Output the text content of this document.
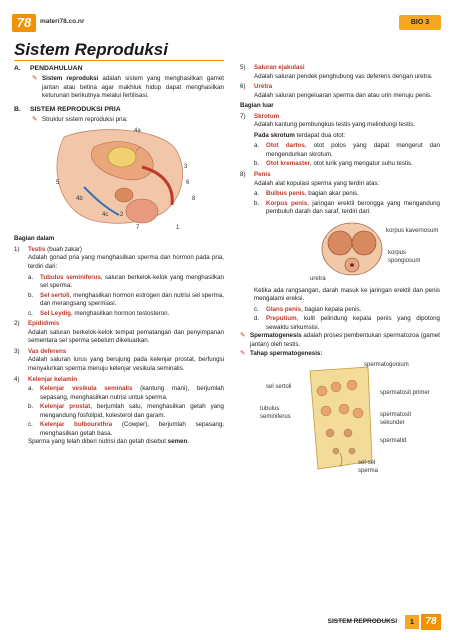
78	materi78.co.nr	BIO 3
Sistem Reproduksi
A.	PENDAHULUAN
✎ Sistem reproduksi adalah sistem yang menghasilkan gamet jantan atau betina agar makhluk hidup dapat menghasilkan keturunan berikutnya melalui fertilisasi.
B.	SISTEM REPRODUKSI PRIA
✎ Struktur sistem reproduksi pria:
4a
3
5	6
4b	8
4c 2
7	1
Bagian dalam
1)	Testis (buah zakar)
Adalah gonad pria yang menghasilkan sperma dan hormon pada pria, terdiri dari:
a.	Tubulus seminiferus, saluran berkelok-kelok yang menghasilkan sel sperma.
b.	Sel sertoli, menghasilkan hormon estrogen dan nutrisi sel sperma, dan merangsang spermiasi.
c.	Sel Leydig, menghasilkan hormon testosteron.
2)	Epididimis
Adalah saluran berkelok-kelok tempat pematangan dan penyimpanan sementara sel sperma sebelum dikeluarkan.
3)	Vas deferens
Adalah saluran lurus yang berujung pada kelenjar prostat, berfungsi menyalurkan sperma menuju kelenjar vesikula seminalis.
4)	Kelenjar kelamin
a.	Kelenjar vesikula seminalis (kantung mani), berjumlah sepasang, menghasilkan nutrisi untuk sperma.
b.	Kelenjar prostat, berjumlah satu, menghasilkan getah yang mengandung fosfolipid, kolesterol dan garam.
c.	Kelenjar bulbourethra (Cowper), berjumlah sepasang, menghasilkan getah basa.
Sperma yang telah diberi nutrisi dan getah disebut semen.
5)	Saluran ejakulasi
Adalah saluran pendek penghubung vas deferens dengan uretra.
6)	Uretra
Adalah saluran pengeluaran sperma dan atau urin menuju penis.
Bagian luar
7)	Skrotum
Adalah kantung pembungkus testis yang melindungi testis.
Pada skrotum terdapat dua otot:
a.	Otot dartos, otot polos yang dapat mengerut dan mengendurkan skrotum.
b.	Otot kremaster, otot lurik yang mengatur suhu testis.
8)	Penis
Adalah alat kopulasi sperma yang terdiri atas:
a.	Bulbus penis, bagian akar penis.
b.	Korpus penis, jaringan erektil berongga yang mengandung pembuluh darah dan saraf, terdiri dari:
korpus kavernosum
korpus spongiosum
uretra
Ketika ada rangsangan, darah masuk ke jaringan erektil dan penis mengalami ereksi.
c.	Glans penis, bagian kepala penis.
d.	Preputium, kulit pelindung kepala penis yang dipotong sewaktu sirkumsisi.
✎ Spermatogenesis adalah proses pembentukan spermatozoa (gamet jantan) oleh testis.
✎ Tahap spermatogenesis:
spermatogonium
sel sertoli
spermatosit primer
tubulus seminiferus	spermatosit sekunder
spermatid
sel-sel sperma
SISTEM REPRODUKSI	1	78
